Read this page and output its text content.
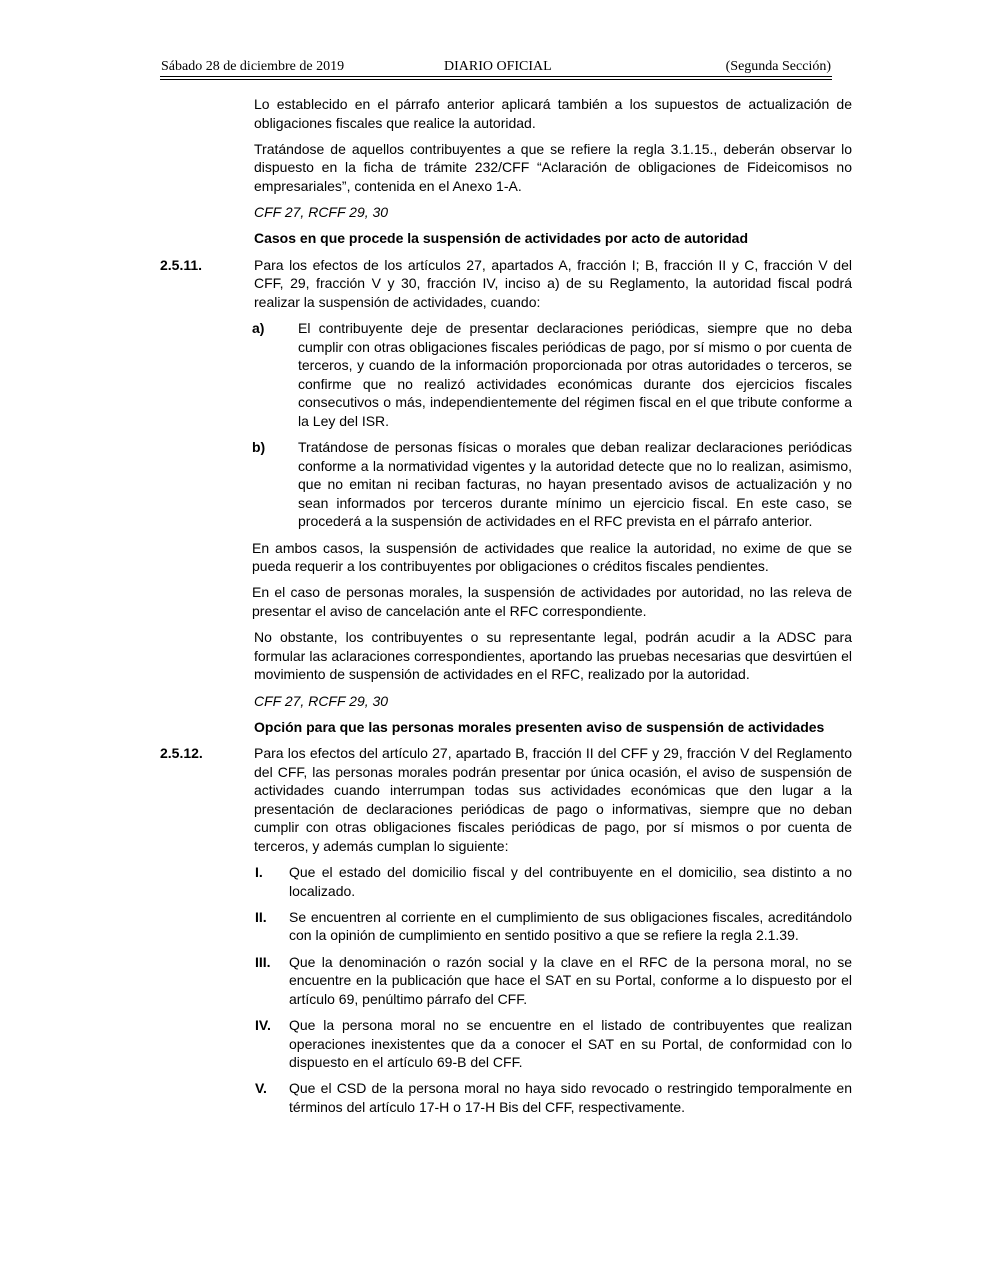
Sábado 28 de diciembre de 2019	DIARIO OFICIAL	(Segunda Sección)

Lo establecido en el párrafo anterior aplicará también a los supuestos de actualización de obligaciones fiscales que realice la autoridad.

Tratándose de aquellos contribuyentes a que se refiere la regla 3.1.15., deberán observar lo dispuesto en la ficha de trámite 232/CFF “Aclaración de obligaciones de Fideicomisos no empresariales”, contenida en el Anexo 1-A.

CFF 27, RCFF 29, 30

Casos en que procede la suspensión de actividades por acto de autoridad

2.5.11.	Para los efectos de los artículos 27, apartados A, fracción I; B, fracción II y C, fracción V del CFF, 29, fracción V y 30, fracción IV, inciso a) de su Reglamento, la autoridad fiscal podrá realizar la suspensión de actividades, cuando:

a) El contribuyente deje de presentar declaraciones periódicas, siempre que no deba cumplir con otras obligaciones fiscales periódicas de pago, por sí mismo o por cuenta de terceros, y cuando de la información proporcionada por otras autoridades o terceros, se confirme que no realizó actividades económicas durante dos ejercicios fiscales consecutivos o más, independientemente del régimen fiscal en el que tribute conforme a la Ley del ISR.
b) Tratándose de personas físicas o morales que deban realizar declaraciones periódicas conforme a la normatividad vigentes y la autoridad detecte que no lo realizan, asimismo, que no emitan ni reciban facturas, no hayan presentado avisos de actualización y no sean informados por terceros durante mínimo un ejercicio fiscal. En este caso, se procederá a la suspensión de actividades en el RFC prevista en el párrafo anterior.

En ambos casos, la suspensión de actividades que realice la autoridad, no exime de que se pueda requerir a los contribuyentes por obligaciones o créditos fiscales pendientes.

En el caso de personas morales, la suspensión de actividades por autoridad, no las releva de presentar el aviso de cancelación ante el RFC correspondiente.

No obstante, los contribuyentes o su representante legal, podrán acudir a la ADSC para formular las aclaraciones correspondientes, aportando las pruebas necesarias que desvirtúen el movimiento de suspensión de actividades en el RFC, realizado por la autoridad.

CFF 27, RCFF 29, 30

Opción para que las personas morales presenten aviso de suspensión de actividades

2.5.12.	Para los efectos del artículo 27, apartado B, fracción II del CFF y 29, fracción V del Reglamento del CFF, las personas morales podrán presentar por única ocasión, el aviso de suspensión de actividades cuando interrumpan todas sus actividades económicas que den lugar a la presentación de declaraciones periódicas de pago o informativas, siempre que no deban cumplir con otras obligaciones fiscales periódicas de pago, por sí mismos o por cuenta de terceros, y además cumplan lo siguiente:

I. Que el estado del domicilio fiscal y del contribuyente en el domicilio, sea distinto a no localizado.
II. Se encuentren al corriente en el cumplimiento de sus obligaciones fiscales, acreditándolo con la opinión de cumplimiento en sentido positivo a que se refiere la regla 2.1.39.
III. Que la denominación o razón social y la clave en el RFC de la persona moral, no se encuentre en la publicación que hace el SAT en su Portal, conforme a lo dispuesto por el artículo 69, penúltimo párrafo del CFF.
IV. Que la persona moral no se encuentre en el listado de contribuyentes que realizan operaciones inexistentes que da a conocer el SAT en su Portal, de conformidad con lo dispuesto en el artículo 69-B del CFF.
V. Que el CSD de la persona moral no haya sido revocado o restringido temporalmente en términos del artículo 17-H o 17-H Bis del CFF, respectivamente.
